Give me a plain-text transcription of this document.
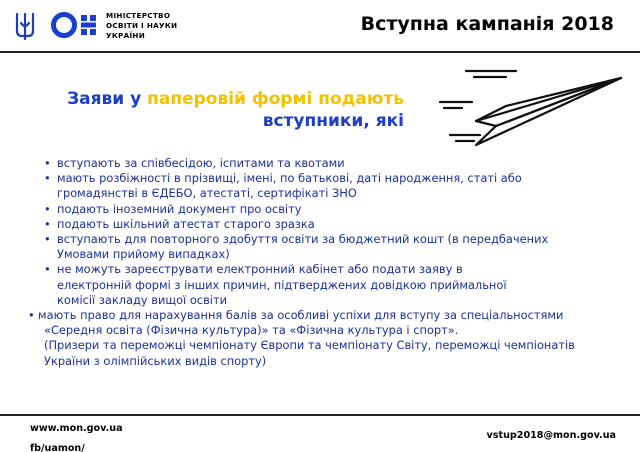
МІНІСТЕРСТВО
ОСВІТИ І НАУКИ
УКРАЇНИ
Вступна кампанія 2018
Заяви у паперовій формі подають
вступники, які
• вступають за співбесідою, іспитами та квотами
• мають розбіжності в прізвищі, імені, по батькові, даті народження, статі або
громадянстві в ЄДЕБО, атестаті, сертифікаті ЗНО
• подають іноземний документ про освіту
• подають шкільний атестат старого зразка
• вступають для повторного здобуття освіти за бюджетний кошт (в передбачених
Умовами прийому випадках)
• не можуть зареєструвати електронний кабінет або подати заяву в
електронній формі з інших причин, підтверджених довідкою приймальної
комісії закладу вищої освіти
• мають право для нарахування балів за особливі успіхи для вступу за спеціальностями
«Середня освіта (Фізична культура)» та «Фізична культура і спорт».
(Призери та переможці чемпіонату Європи та чемпіонату Світу, переможці чемпіонатів
України з олімпійських видів спорту)
www.mon.gov.ua
fb/uamon/
vstup2018@mon.gov.ua
